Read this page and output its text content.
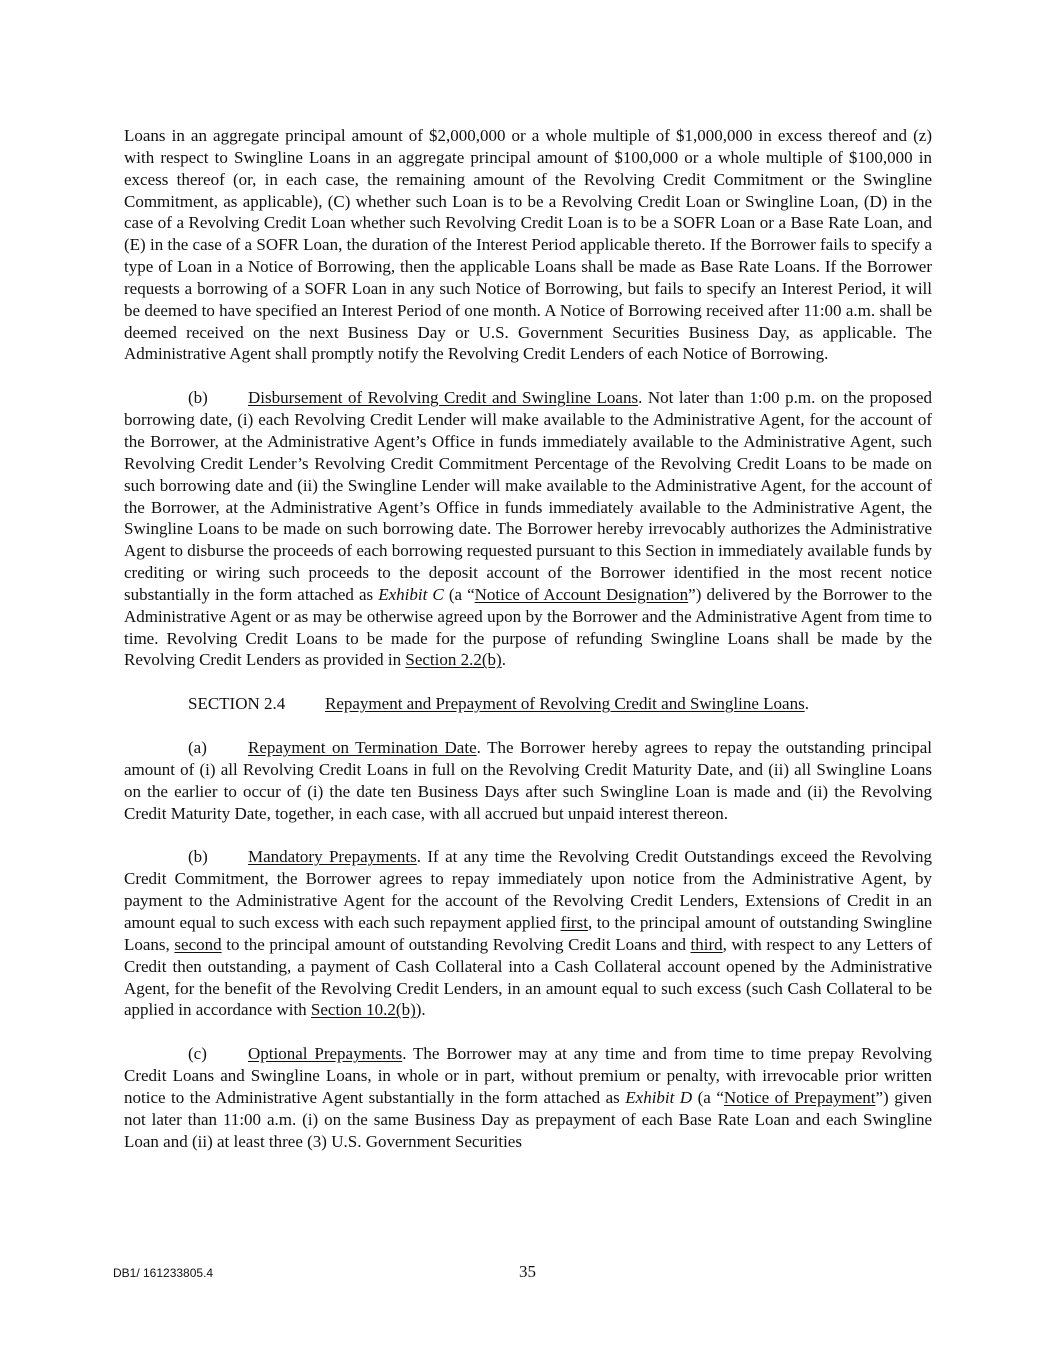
Loans in an aggregate principal amount of $2,000,000 or a whole multiple of $1,000,000 in excess thereof and (z) with respect to Swingline Loans in an aggregate principal amount of $100,000 or a whole multiple of $100,000 in excess thereof (or, in each case, the remaining amount of the Revolving Credit Commitment or the Swingline Commitment, as applicable), (C) whether such Loan is to be a Revolving Credit Loan or Swingline Loan, (D) in the case of a Revolving Credit Loan whether such Revolving Credit Loan is to be a SOFR Loan or a Base Rate Loan, and (E) in the case of a SOFR Loan, the duration of the Interest Period applicable thereto. If the Borrower fails to specify a type of Loan in a Notice of Borrowing, then the applicable Loans shall be made as Base Rate Loans. If the Borrower requests a borrowing of a SOFR Loan in any such Notice of Borrowing, but fails to specify an Interest Period, it will be deemed to have specified an Interest Period of one month. A Notice of Borrowing received after 11:00 a.m. shall be deemed received on the next Business Day or U.S. Government Securities Business Day, as applicable. The Administrative Agent shall promptly notify the Revolving Credit Lenders of each Notice of Borrowing.

(b) Disbursement of Revolving Credit and Swingline Loans. Not later than 1:00 p.m. on the proposed borrowing date, (i) each Revolving Credit Lender will make available to the Administrative Agent, for the account of the Borrower, at the Administrative Agent’s Office in funds immediately available to the Administrative Agent, such Revolving Credit Lender’s Revolving Credit Commitment Percentage of the Revolving Credit Loans to be made on such borrowing date and (ii) the Swingline Lender will make available to the Administrative Agent, for the account of the Borrower, at the Administrative Agent’s Office in funds immediately available to the Administrative Agent, the Swingline Loans to be made on such borrowing date. The Borrower hereby irrevocably authorizes the Administrative Agent to disburse the proceeds of each borrowing requested pursuant to this Section in immediately available funds by crediting or wiring such proceeds to the deposit account of the Borrower identified in the most recent notice substantially in the form attached as Exhibit C (a “Notice of Account Designation”) delivered by the Borrower to the Administrative Agent or as may be otherwise agreed upon by the Borrower and the Administrative Agent from time to time. Revolving Credit Loans to be made for the purpose of refunding Swingline Loans shall be made by the Revolving Credit Lenders as provided in Section 2.2(b).

SECTION 2.4 Repayment and Prepayment of Revolving Credit and Swingline Loans.

(a) Repayment on Termination Date. The Borrower hereby agrees to repay the outstanding principal amount of (i) all Revolving Credit Loans in full on the Revolving Credit Maturity Date, and (ii) all Swingline Loans on the earlier to occur of (i) the date ten Business Days after such Swingline Loan is made and (ii) the Revolving Credit Maturity Date, together, in each case, with all accrued but unpaid interest thereon.

(b) Mandatory Prepayments. If at any time the Revolving Credit Outstandings exceed the Revolving Credit Commitment, the Borrower agrees to repay immediately upon notice from the Administrative Agent, by payment to the Administrative Agent for the account of the Revolving Credit Lenders, Extensions of Credit in an amount equal to such excess with each such repayment applied first, to the principal amount of outstanding Swingline Loans, second to the principal amount of outstanding Revolving Credit Loans and third, with respect to any Letters of Credit then outstanding, a payment of Cash Collateral into a Cash Collateral account opened by the Administrative Agent, for the benefit of the Revolving Credit Lenders, in an amount equal to such excess (such Cash Collateral to be applied in accordance with Section 10.2(b)).

(c) Optional Prepayments. The Borrower may at any time and from time to time prepay Revolving Credit Loans and Swingline Loans, in whole or in part, without premium or penalty, with irrevocable prior written notice to the Administrative Agent substantially in the form attached as Exhibit D (a “Notice of Prepayment”) given not later than 11:00 a.m. (i) on the same Business Day as prepayment of each Base Rate Loan and each Swingline Loan and (ii) at least three (3) U.S. Government Securities

DB1/ 161233805.4	35
